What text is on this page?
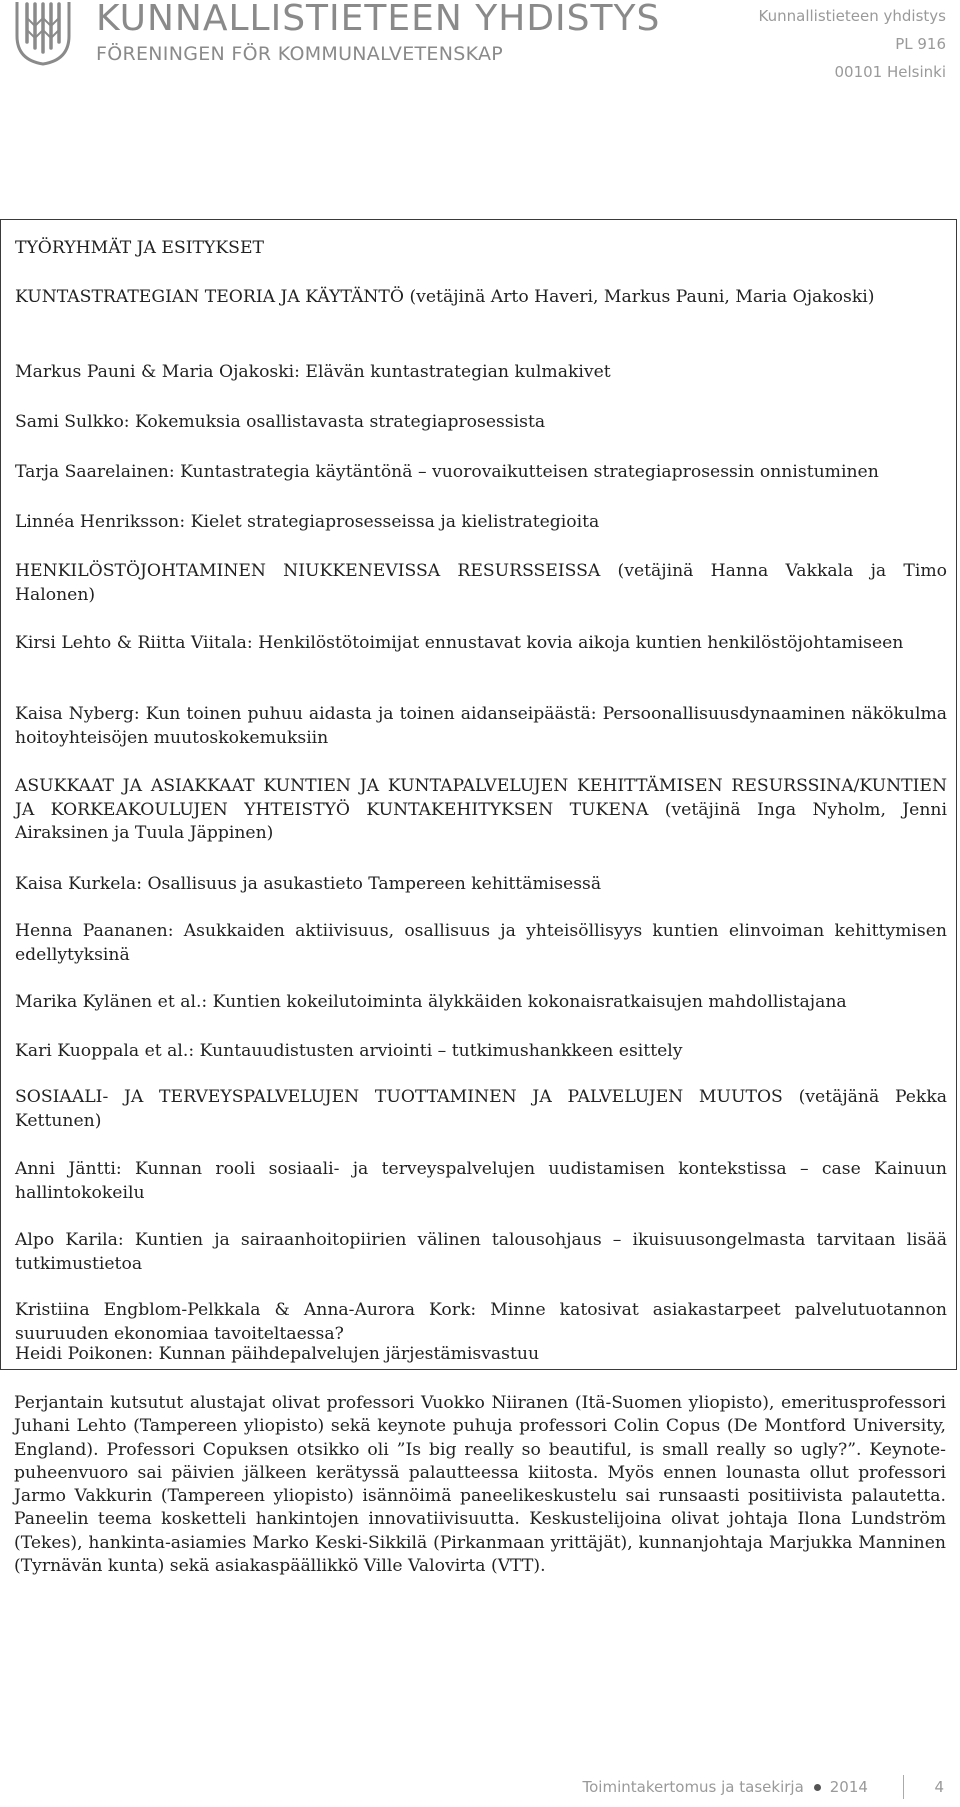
KUNNALLISTIETEEN YHDISTYS
FÖRENINGEN FÖR KOMMUNALVETENSKAP
Kunnallistieteen yhdistys
PL 916
00101 Helsinki
TYÖRYHMÄT JA ESITYKSET
KUNTASTRATEGIAN TEORIA JA KÄYTÄNTÖ (vetäjinä Arto Haveri, Markus Pauni, Maria Ojakoski)
Markus Pauni & Maria Ojakoski: Elävän kuntastrategian kulmakivet
Sami Sulkko: Kokemuksia osallistavasta strategiaprosessista
Tarja Saarelainen: Kuntastrategia käytäntönä – vuorovaikutteisen strategiaprosessin onnistuminen
Linnéa Henriksson: Kielet strategiaprosesseissa ja kielistrategioita
HENKILÖSTÖJOHTAMINEN NIUKKENEVISSA RESURSSEISSA (vetäjinä Hanna Vakkala ja Timo Halonen)
Kirsi Lehto & Riitta Viitala: Henkilöstötoimijat ennustavat kovia aikoja kuntien henkilöstöjohtamiseen
Kaisa Nyberg: Kun toinen puhuu aidasta ja toinen aidanseipäästä: Persoonallisuusdynaaminen näkökulma hoitoyhteisöjen muutoskokemuksiin
ASUKKAAT JA ASIAKKAAT KUNTIEN JA KUNTAPALVELUJEN KEHITTÄMISEN RESURSSINA/KUNTIEN JA KORKEAKOULUJEN YHTEISTYÖ KUNTAKEHITYKSEN TUKENA (vetäjinä Inga Nyholm, Jenni Airaksinen ja Tuula Jäppinen)
Kaisa Kurkela: Osallisuus ja asukastieto Tampereen kehittämisessä
Henna Paananen: Asukkaiden aktiivisuus, osallisuus ja yhteisöllisyys kuntien elinvoiman kehittymisen edellytyksinä
Marika Kylänen et al.: Kuntien kokeilutoiminta älykkäiden kokonaisratkaisujen mahdollistajana
Kari Kuoppala et al.: Kuntauudistusten arviointi – tutkimushankkeen esittely
SOSIAALI- JA TERVEYSPALVELUJEN TUOTTAMINEN JA PALVELUJEN MUUTOS (vetäjänä Pekka Kettunen)
Anni Jäntti: Kunnan rooli sosiaali- ja terveyspalvelujen uudistamisen kontekstissa – case Kainuun hallintokokeilu
Alpo Karila: Kuntien ja sairaanhoitopiirien välinen talousohjaus – ikuisuusongelmasta tarvitaan lisää tutkimustietoa
Kristiina Engblom-Pelkkala & Anna-Aurora Kork: Minne katosivat asiakastarpeet palvelutuotannon suuruuden ekonomiaa tavoiteltaessa?
Heidi Poikonen: Kunnan päihdepalvelujen järjestämisvastuu
Perjantain kutsutut alustajat olivat professori Vuokko Niiranen (Itä-Suomen yliopisto), emeritusprofessori Juhani Lehto (Tampereen yliopisto) sekä keynote puhuja professori Colin Copus (De Montford University, England). Professori Copuksen otsikko oli ”Is big really so beautiful, is small really so ugly?”. Keynote-puheenvuoro sai päivien jälkeen kerätyssä palautteessa kiitosta. Myös ennen lounasta ollut professori Jarmo Vakkurin (Tampereen yliopisto) isännöimä paneelikeskustelu sai runsaasti positiivista palautetta. Paneelin teema kosketteli hankintojen innovatiivisuutta. Keskustelijoina olivat johtaja Ilona Lundström (Tekes), hankinta-asiamies Marko Keski-Sikkilä (Pirkanmaan yrittäjät), kunnanjohtaja Marjukka Manninen (Tyrnävän kunta) sekä asiakaspäällikkö Ville Valovirta (VTT).
Toimintakertomus ja tasekirja 2014	4
